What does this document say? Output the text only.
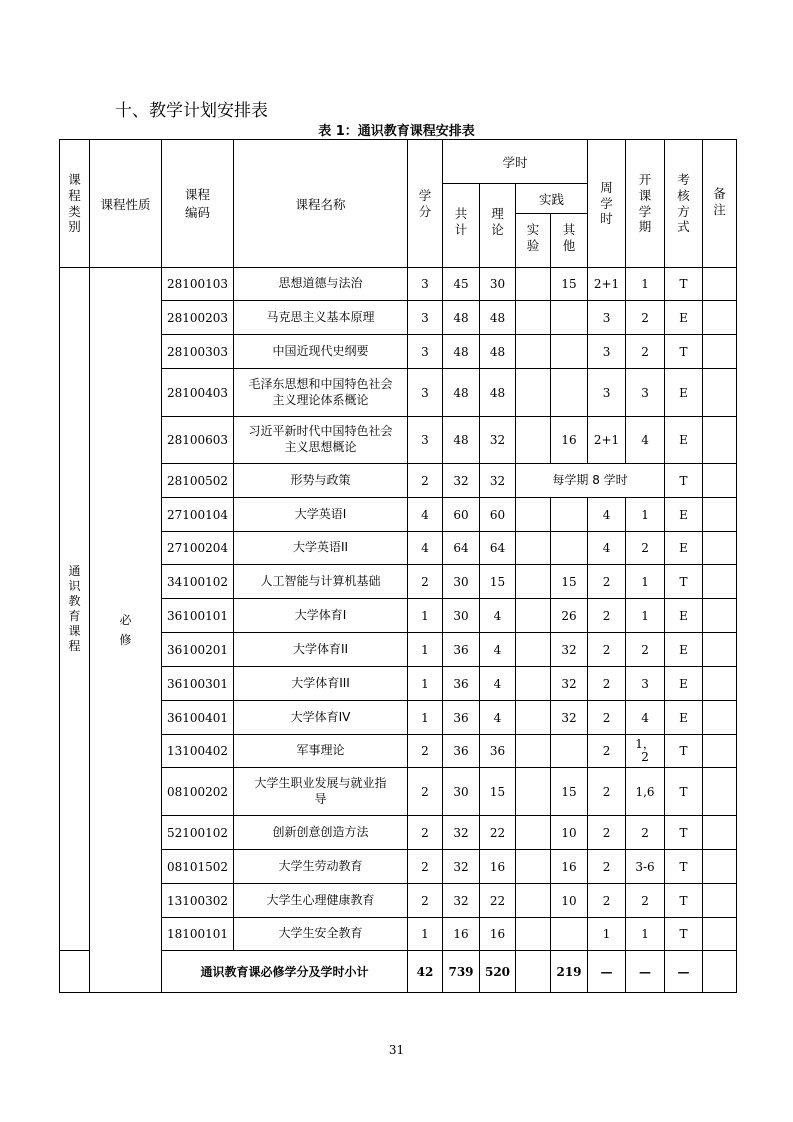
十、教学计划安排表
表 1：通识教育课程安排表
课程类别	课程性质	课程编码	课程名称	学分	学时				周学时	开课学期	考核方式	备注
					共计	理论	实践					
							实验	其他				
通识教育课程	必修	28100103	思想道德与法治	3	45	30		15	2+1	1	T	
		28100203	马克思主义基本原理	3	48	48			3	2	E	
		28100303	中国近现代史纲要	3	48	48			3	2	T	
		28100403	毛泽东思想和中国特色社会主义理论体系概论	3	48	48			3	3	E	
		28100603	习近平新时代中国特色社会主义思想概论	3	48	32		16	2+1	4	E	
		28100502	形势与政策	2	32	32	每学期 8 学时				T	
		27100104	大学英语I	4	60	60			4	1	E	
		27100204	大学英语II	4	64	64			4	2	E	
		34100102	人工智能与计算机基础	2	30	15		15	2	1	T	
		36100101	大学体育I	1	30	4		26	2	1	E	
		36100201	大学体育II	1	36	4		32	2	2	E	
		36100301	大学体育III	1	36	4		32	2	3	E	
		36100401	大学体育IV	1	36	4		32	2	4	E	
		13100402	军事理论	2	36	36			2	1，2	T	
		08100202	大学生职业发展与就业指导	2	30	15		15	2	1,6	T	
		52100102	创新创意创造方法	2	32	22		10	2	2	T	
		08101502	大学生劳动教育	2	32	16		16	2	3-6	T	
		13100302	大学生心理健康教育	2	32	22		10	2	2	T	
		18100101	大学生安全教育	1	16	16			1	1	T	
		通识教育课必修学分及学时小计		42	739	520		219	—	—	—	
31
